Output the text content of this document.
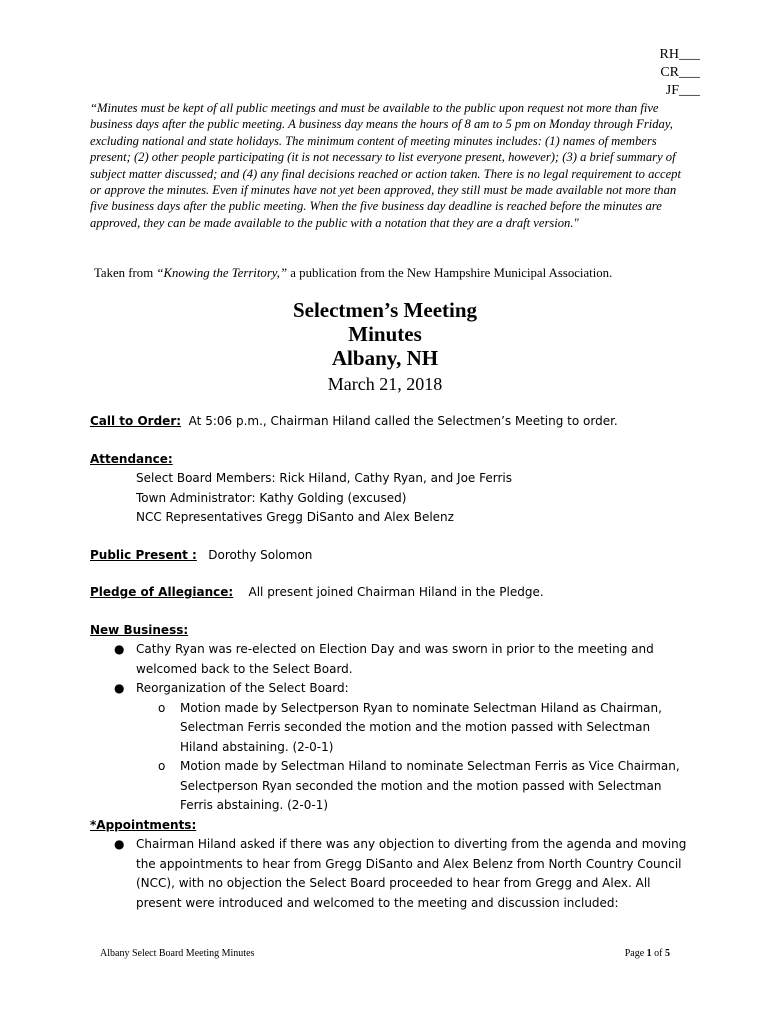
RH___
CR___
JF___
“Minutes must be kept of all public meetings and must be available to the public upon request not more than five business days after the public meeting. A business day means the hours of 8 am to 5 pm on Monday through Friday, excluding national and state holidays. The minimum content of meeting minutes includes: (1) names of members present; (2) other people participating (it is not necessary to list everyone present, however); (3) a brief summary of subject matter discussed; and (4) any final decisions reached or action taken. There is no legal requirement to accept or approve the minutes. Even if minutes have not yet been approved, they still must be made available not more than five business days after the public meeting. When the five business day deadline is reached before the minutes are approved, they can be made available to the public with a notation that they are a draft version."
Taken from “Knowing the Territory,” a publication from the New Hampshire Municipal Association.
Selectmen’s Meeting
Minutes
Albany, NH
March 21, 2018

Call to Order: At 5:06 p.m., Chairman Hiland called the Selectmen’s Meeting to order.

Attendance:
Select Board Members: Rick Hiland, Cathy Ryan, and Joe Ferris
Town Administrator: Kathy Golding (excused)
NCC Representatives Gregg DiSanto and Alex Belenz

Public Present : Dorothy Solomon

Pledge of Allegiance: All present joined Chairman Hiland in the Pledge.

New Business:
● Cathy Ryan was re-elected on Election Day and was sworn in prior to the meeting and welcomed back to the Select Board.
● Reorganization of the Select Board:
o Motion made by Selectperson Ryan to nominate Selectman Hiland as Chairman, Selectman Ferris seconded the motion and the motion passed with Selectman Hiland abstaining. (2-0-1)
o Motion made by Selectman Hiland to nominate Selectman Ferris as Vice Chairman, Selectperson Ryan seconded the motion and the motion passed with Selectman Ferris abstaining. (2-0-1)
*Appointments:
● Chairman Hiland asked if there was any objection to diverting from the agenda and moving the appointments to hear from Gregg DiSanto and Alex Belenz from North Country Council (NCC), with no objection the Select Board proceeded to hear from Gregg and Alex. All present were introduced and welcomed to the meeting and discussion included:
Albany Select Board Meeting Minutes	Page 1 of 5
